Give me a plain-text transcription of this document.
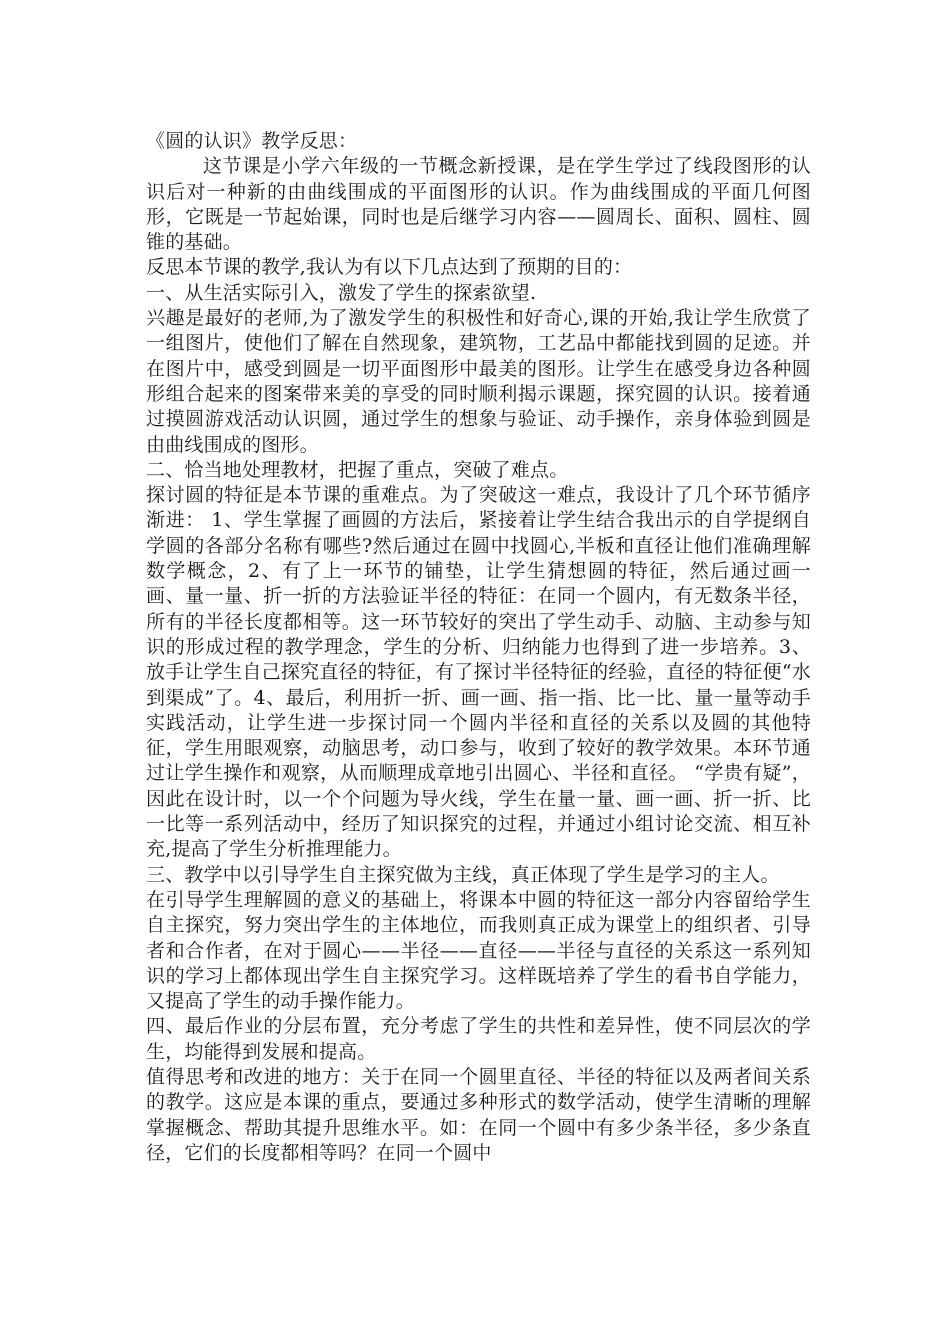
《圆的认识》教学反思：

这节课是小学六年级的一节概念新授课，是在学生学过了线段图形的认识后对一种新的由曲线围成的平面图形的认识。作为曲线围成的平面几何图形，它既是一节起始课，同时也是后继学习内容——圆周长、面积、圆柱、圆锥的基础。

反思本节课的教学,我认为有以下几点达到了预期的目的：

一、从生活实际引入，激发了学生的探索欲望.

兴趣是最好的老师,为了激发学生的积极性和好奇心,课的开始,我让学生欣赏了一组图片，使他们了解在自然现象，建筑物，工艺品中都能找到圆的足迹。并在图片中，感受到圆是一切平面图形中最美的图形。让学生在感受身边各种圆形组合起来的图案带来美的享受的同时顺利揭示课题，探究圆的认识。接着通过摸圆游戏活动认识圆，通过学生的想象与验证、动手操作，亲身体验到圆是由曲线围成的图形。

二、恰当地处理教材，把握了重点，突破了难点。

探讨圆的特征是本节课的重难点。为了突破这一难点，我设计了几个环节循序渐进： 1、学生掌握了画圆的方法后，紧接着让学生结合我出示的自学提纲自学圆的各部分名称有哪些?然后通过在圆中找圆心,半板和直径让他们准确理解数学概念，2、有了上一环节的铺垫，让学生猜想圆的特征，然后通过画一画、量一量、折一折的方法验证半径的特征：在同一个圆内，有无数条半径，所有的半径长度都相等。这一环节较好的突出了学生动手、动脑、主动参与知识的形成过程的教学理念，学生的分析、归纳能力也得到了进一步培养。3、放手让学生自己探究直径的特征，有了探讨半径特征的经验，直径的特征便“水到渠成”了。4、最后，利用折一折、画一画、指一指、比一比、量一量等动手实践活动，让学生进一步探讨同一个圆内半径和直径的关系以及圆的其他特征，学生用眼观察，动脑思考，动口参与，收到了较好的教学效果。本环节通过让学生操作和观察，从而顺理成章地引出圆心、半径和直径。 “学贵有疑”，因此在设计时，以一个个问题为导火线，学生在量一量、画一画、折一折、比一比等一系列活动中，经历了知识探究的过程，并通过小组讨论交流、相互补充,提高了学生分析推理能力。

三、教学中以引导学生自主探究做为主线，真正体现了学生是学习的主人。

在引导学生理解圆的意义的基础上，将课本中圆的特征这一部分内容留给学生自主探究，努力突出学生的主体地位，而我则真正成为课堂上的组织者、引导者和合作者，在对于圆心——半径——直径——半径与直径的关系这一系列知识的学习上都体现出学生自主探究学习。这样既培养了学生的看书自学能力，又提高了学生的动手操作能力。

四、最后作业的分层布置，充分考虑了学生的共性和差异性，使不同层次的学生，均能得到发展和提高。

值得思考和改进的地方：关于在同一个圆里直径、半径的特征以及两者间关系的教学。这应是本课的重点，要通过多种形式的数学活动，使学生清晰的理解掌握概念、帮助其提升思维水平。如：在同一个圆中有多少条半径，多少条直径，它们的长度都相等吗？在同一个圆中
